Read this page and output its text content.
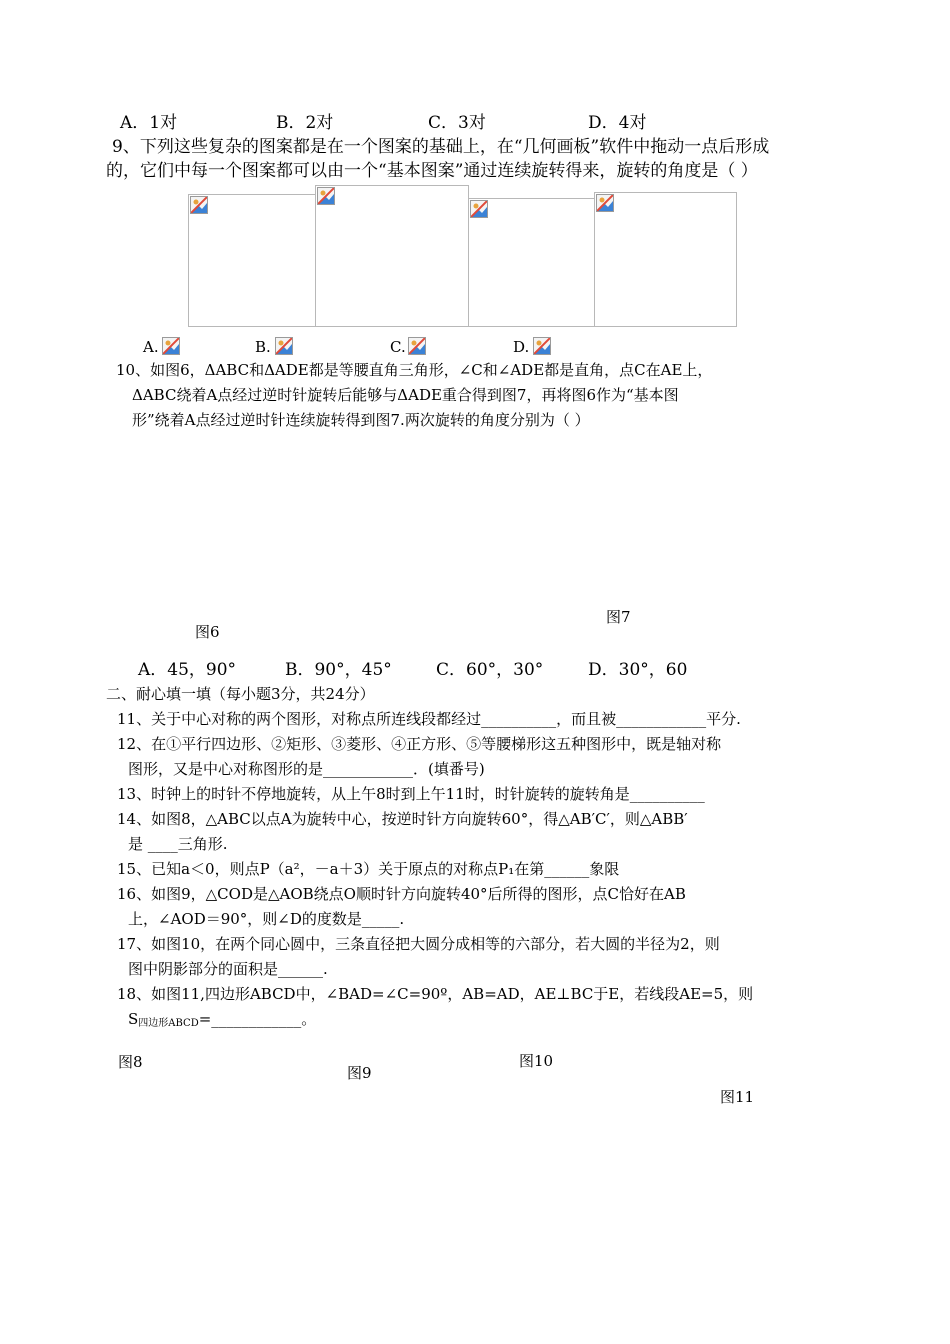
A．1对	B．2对	C．3对	D．4对
9、下列这些复杂的图案都是在一个图案的基础上，在“几何画板”软件中拖动一点后形成
的，它们中每一个图案都可以由一个“基本图案”通过连续旋转得来，旋转的角度是（ ）
A.	B.	C.	D.
10、如图6，ΔABC和ΔADE都是等腰直角三角形，∠C和∠ADE都是直角，点C在AE上，
ΔABC绕着A点经过逆时针旋转后能够与ΔADE重合得到图7，再将图6作为“基本图
形”绕着A点经过逆时针连续旋转得到图7.两次旋转的角度分别为（ ）
图7
图6
A．45，90°	B．90°，45°	C．60°，30°	D．30°，60
二、耐心填一填（每小题3分，共24分）
11、关于中心对称的两个图形，对称点所连线段都经过__________，而且被____________平分.
12、在①平行四边形、②矩形、③菱形、④正方形、⑤等腰梯形这五种图形中，既是轴对称
图形，又是中心对称图形的是____________．(填番号)
13、时钟上的时针不停地旋转，从上午8时到上午11时，时针旋转的旋转角是__________
14、如图8，△ABC以点A为旋转中心，按逆时针方向旋转60°，得△AB′C′，则△ABB′
是 ____三角形.
15、已知a＜0，则点P（a²，－a＋3）关于原点的对称点P₁在第______象限
16、如图9，△COD是△AOB绕点O顺时针方向旋转40°后所得的图形，点C恰好在AB
上，∠AOD＝90°，则∠D的度数是_____.
17、如图10，在两个同心圆中，三条直径把大圆分成相等的六部分，若大圆的半径为2，则
图中阴影部分的面积是______.
18、如图11,四边形ABCD中，∠BAD=∠C=90º，AB=AD，AE⊥BC于E，若线段AE=5，则
$S_{四边形ABCD}=\_\_\_\_\_\_\_\_\_\_\_\_$。
图8
图9
图10
图11
